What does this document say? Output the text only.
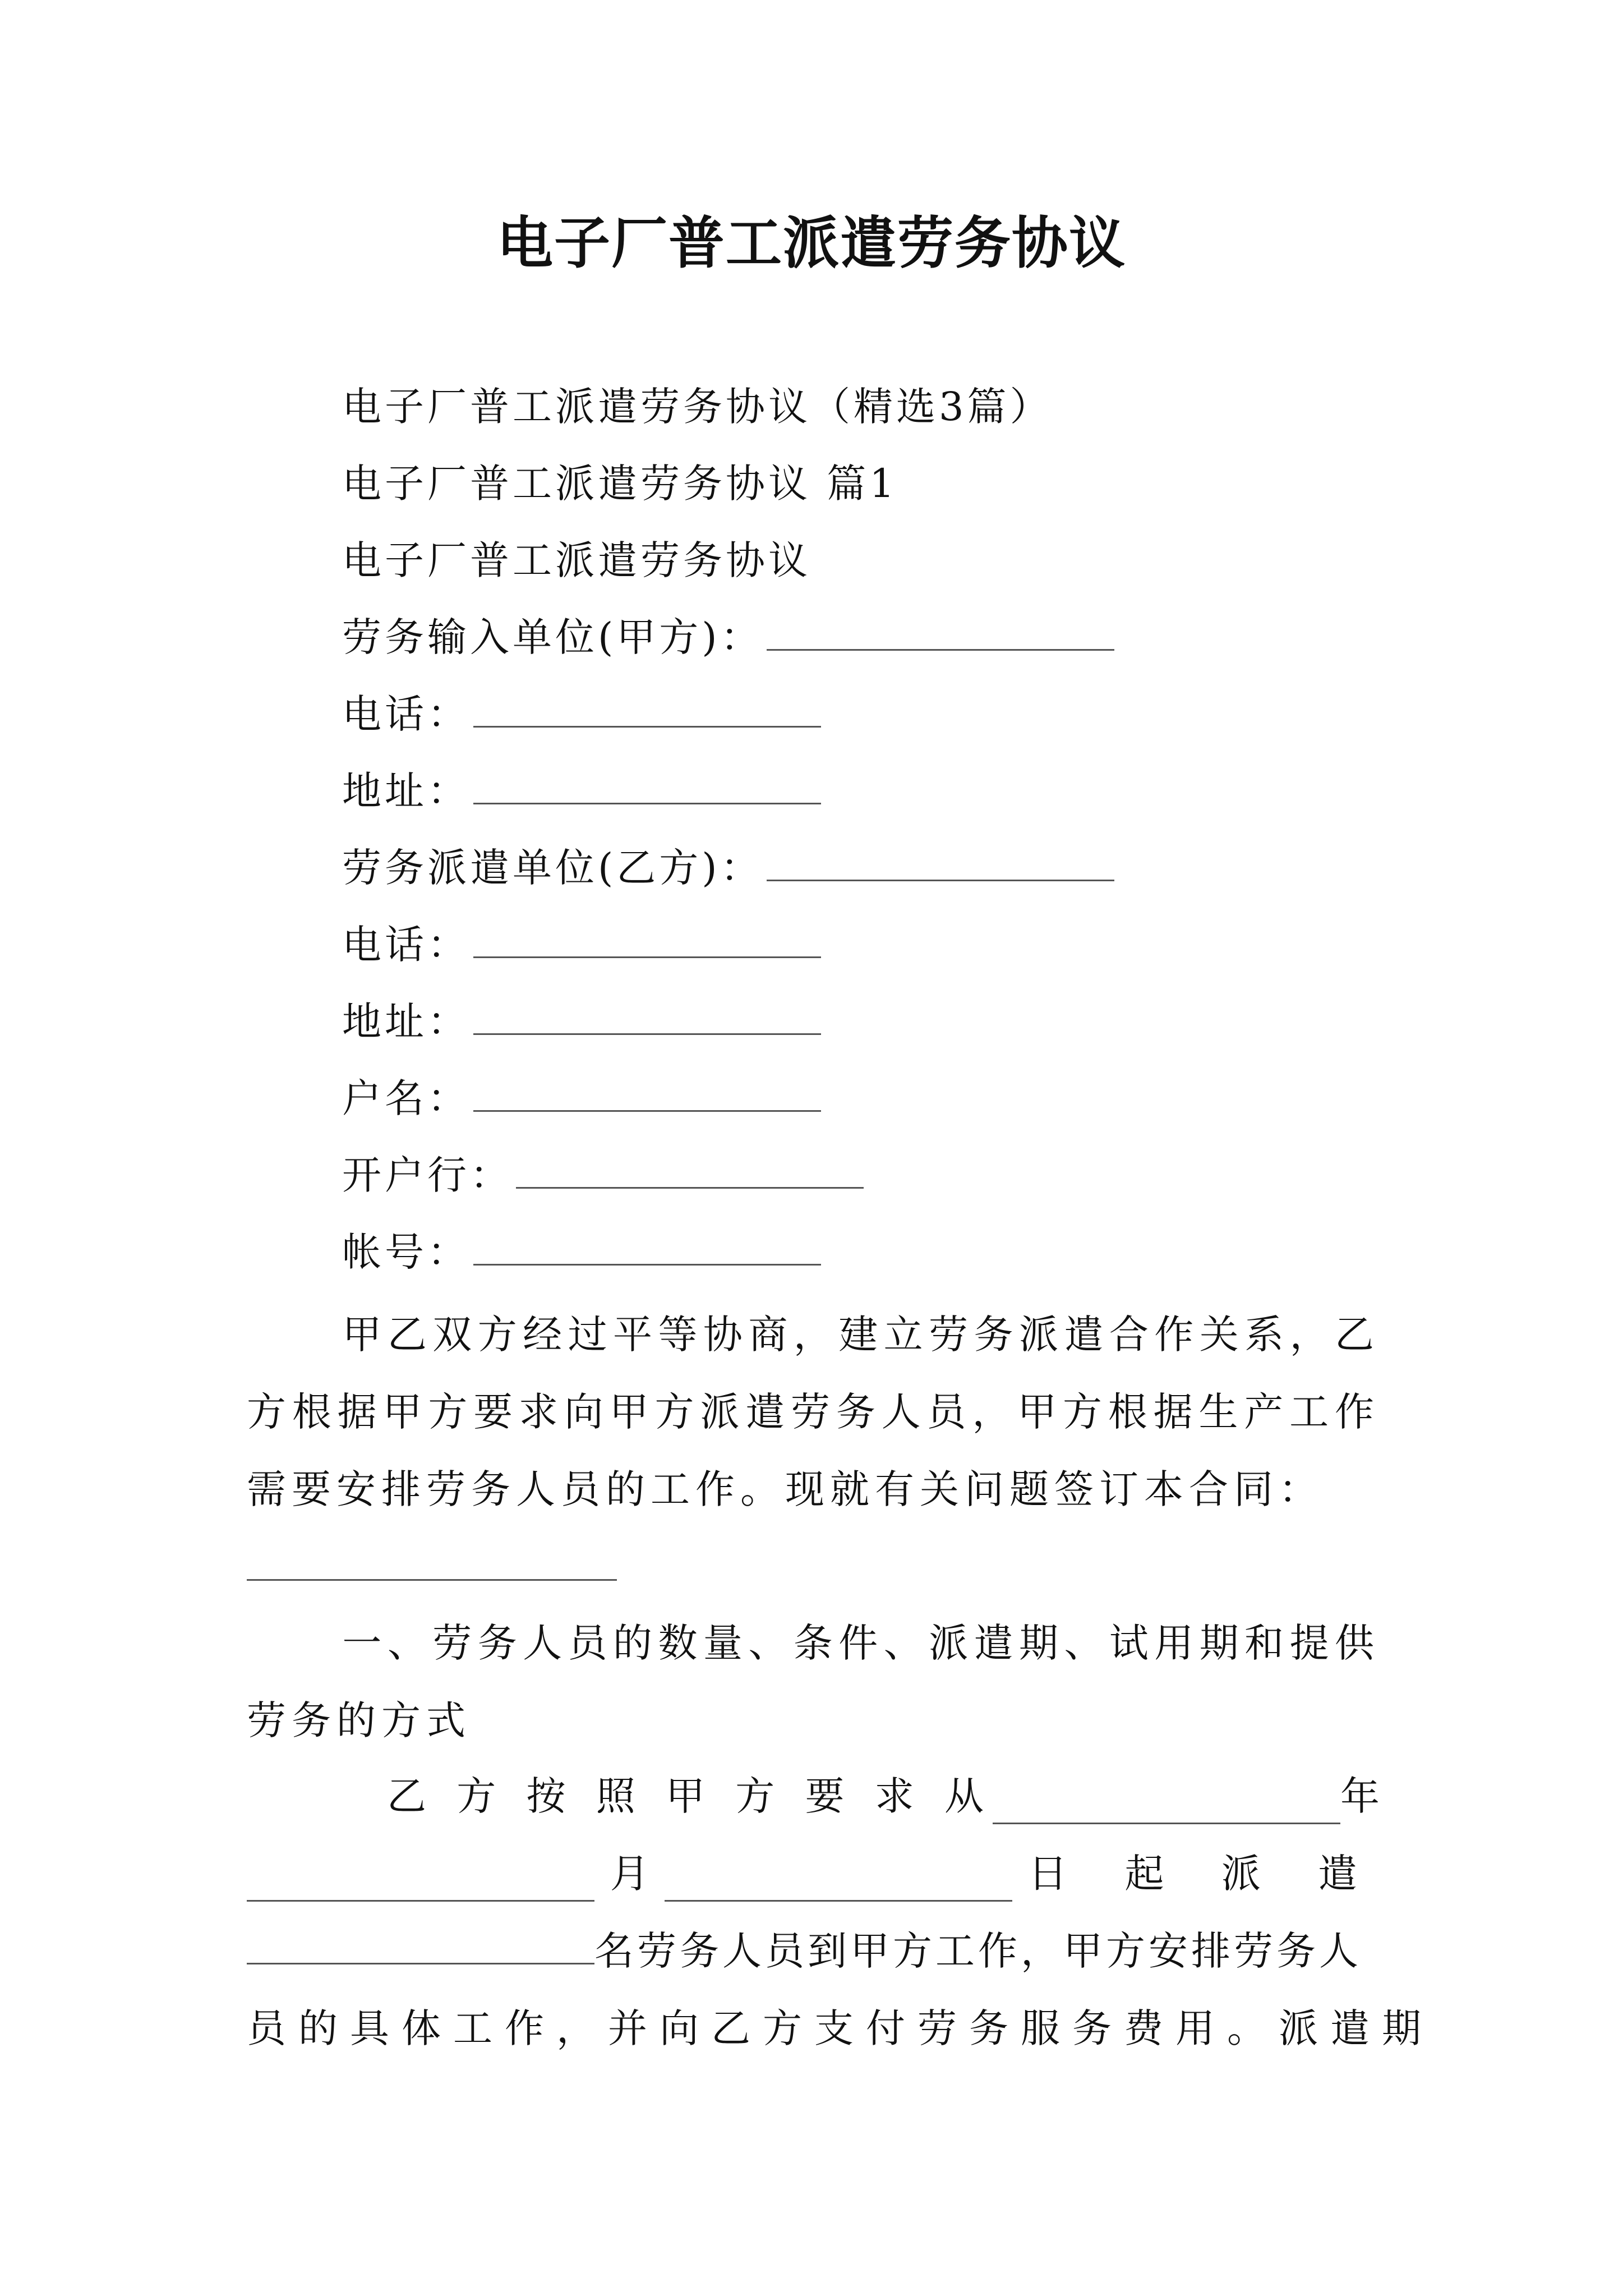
电子厂普工派遣劳务协议
电子厂普工派遣劳务协议（精选3篇）
电子厂普工派遣劳务协议 篇1
电子厂普工派遣劳务协议
劳务输入单位(甲方)：
电话：
地址：
劳务派遣单位(乙方)：
电话：
地址：
户名：
开户行：
帐号：
甲乙双方经过平等协商，建立劳务派遣合作关系，乙方根据甲方要求向甲方派遣劳务人员，甲方根据生产工作需要安排劳务人员的工作。现就有关问题签订本合同：
一、劳务人员的数量、条件、派遣期、试用期和提供劳务的方式
乙 方 按 照 甲 方 要 求 从	年
月	日 起 派 遣
名劳务人员到甲方工作，甲方安排劳务人
员的具体工作，并向乙方支付劳务服务费用。派遣期
